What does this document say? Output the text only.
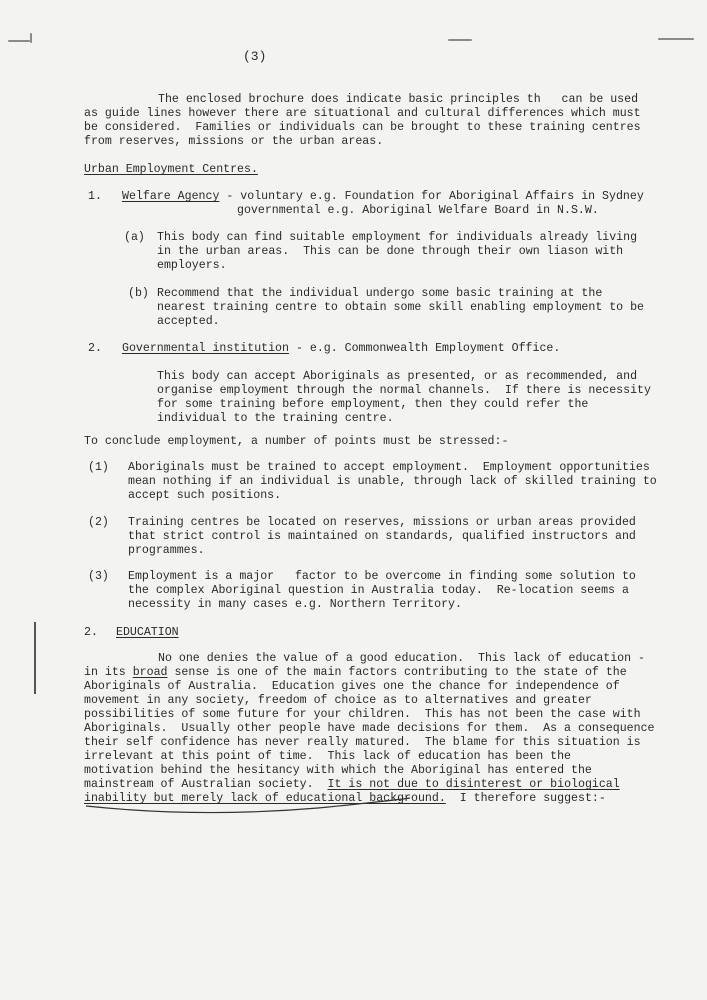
(3)
The enclosed brochure does indicate basic principles th   can be used
as guide lines however there are situational and cultural differences which must
be considered.  Families or individuals can be brought to these training centres
from reserves, missions or the urban areas.
Urban Employment Centres.
1. Welfare Agency - voluntary e.g. Foundation for Aboriginal Affairs in Sydney
governmental e.g. Aboriginal Welfare Board in N.S.W.
(a) This body can find suitable employment for individuals already living
in the urban areas.  This can be done through their own liason with
employers.
(b) Recommend that the individual undergo some basic training at the
nearest training centre to obtain some skill enabling employment to be
accepted.
2. Governmental institution - e.g. Commonwealth Employment Office.
This body can accept Aboriginals as presented, or as recommended, and
organise employment through the normal channels.  If there is necessity
for some training before employment, then they could refer the
individual to the training centre.
To conclude employment, a number of points must be stressed:-
(1) Aboriginals must be trained to accept employment.  Employment opportunities
mean nothing if an individual is unable, through lack of skilled training to
accept such positions.
(2) Training centres be located on reserves, missions or urban areas provided
that strict control is maintained on standards, qualified instructors and
programmes.
(3) Employment is a major   factor to be overcome in finding some solution to
the complex Aboriginal question in Australia today.  Re-location seems a
necessity in many cases e.g. Northern Territory.
2. EDUCATION
No one denies the value of a good education.  This lack of education -
in its broad sense is one of the main factors contributing to the state of the
Aboriginals of Australia.  Education gives one the chance for independence of
movement in any society, freedom of choice as to alternatives and greater
possibilities of some future for your children.  This has not been the case with
Aboriginals.  Usually other people have made decisions for them.  As a consequence
their self confidence has never really matured.  The blame for this situation is
irrelevant at this point of time.  This lack of education has been the
motivation behind the hesitancy with which the Aboriginal has entered the
mainstream of Australian society.  It is not due to disinterest or biological
inability but merely lack of educational background.  I therefore suggest:-
